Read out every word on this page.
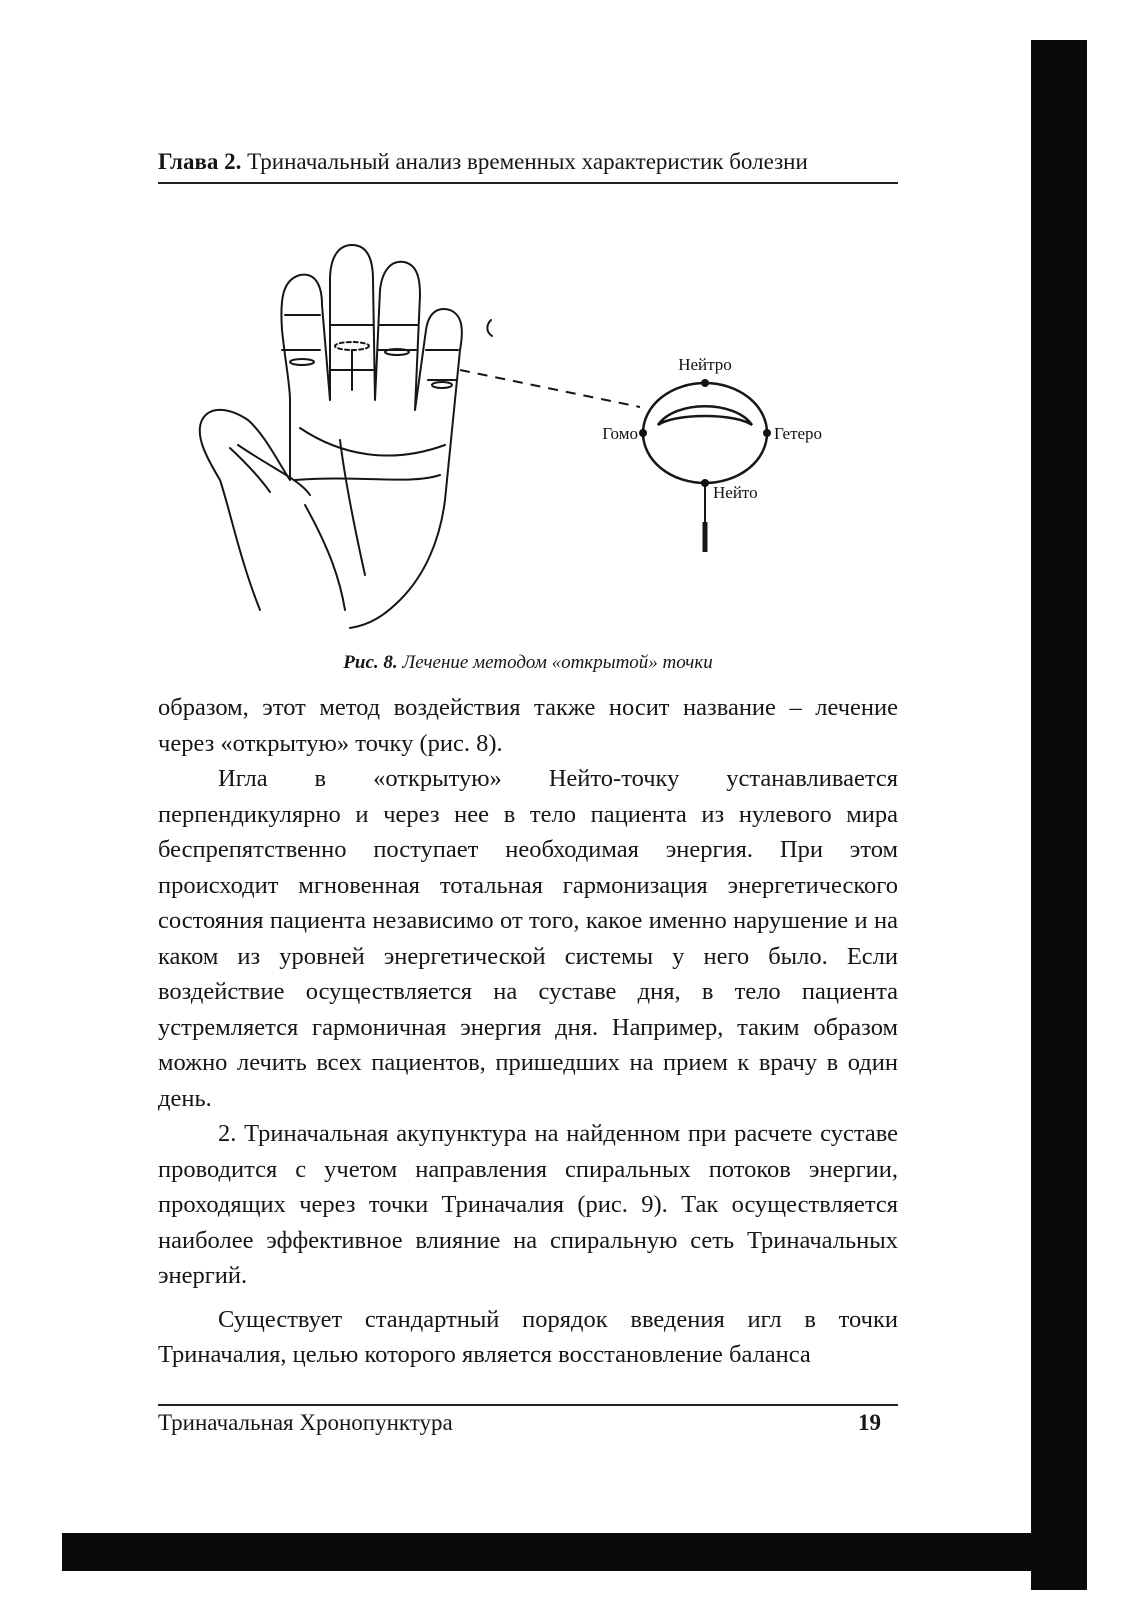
Глава 2. Триначальный анализ временных характеристик болезни
Нейтро
Гомо	Гетеро
Нейто
Рис. 8. Лечение методом «открытой» точки

образом, этот метод воздействия также носит название – лечение через «открытую» точку (рис. 8).

Игла в «открытую» Нейто-точку устанавливается перпендикулярно и через нее в тело пациента из нулевого мира беспрепятственно поступает необходимая энергия. При этом происходит мгновенная тотальная гармонизация энергетического состояния пациента независимо от того, какое именно нарушение и на каком из уровней энергетической системы у него было. Если воздействие осуществляется на суставе дня, в тело пациента устремляется гармоничная энергия дня. Например, таким образом можно лечить всех пациентов, пришедших на прием к врачу в один день.

2. Триначальная акупунктура на найденном при расчете суставе проводится с учетом направления спиральных потоков энергии, проходящих через точки Триначалия (рис. 9). Так осуществляется наиболее эффективное влияние на спиральную сеть Триначальных энергий.

Существует стандартный порядок введения игл в точки Триначалия, целью которого является восстановление баланса

Триначальная Хронопунктура	19
